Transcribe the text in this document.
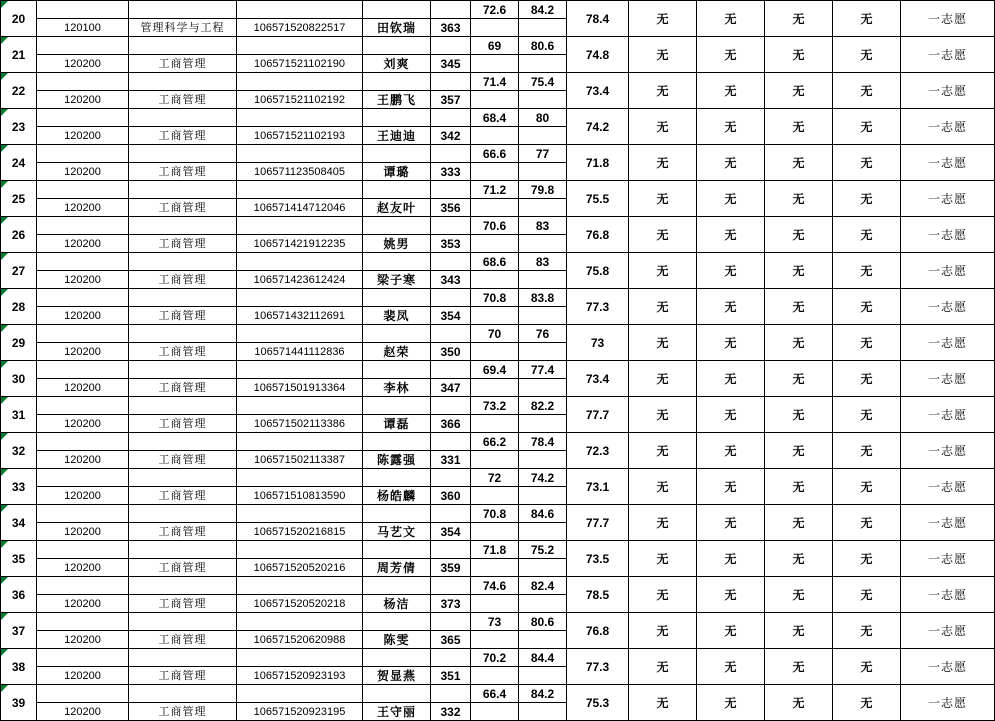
20						72.6	84.2	78.4	无	无	无	无	一志愿
	120100	管理科学与工程	106571520822517	田钦瑞	363								

21						69	80.6	74.8	无	无	无	无	一志愿
	120200	工商管理	106571521102190	刘爽	345								

22						71.4	75.4	73.4	无	无	无	无	一志愿
	120200	工商管理	106571521102192	王鹏飞	357								

23						68.4	80	74.2	无	无	无	无	一志愿
	120200	工商管理	106571521102193	王迪迪	342								

24						66.6	77	71.8	无	无	无	无	一志愿
	120200	工商管理	106571123508405	谭璐	333								

25						71.2	79.8	75.5	无	无	无	无	一志愿
	120200	工商管理	106571414712046	赵友叶	356								

26						70.6	83	76.8	无	无	无	无	一志愿
	120200	工商管理	106571421912235	姚男	353								

27						68.6	83	75.8	无	无	无	无	一志愿
	120200	工商管理	106571423612424	梁子寒	343								

28						70.8	83.8	77.3	无	无	无	无	一志愿
	120200	工商管理	106571432112691	裴凤	354								

29						70	76	73	无	无	无	无	一志愿
	120200	工商管理	106571441112836	赵荣	350								

30						69.4	77.4	73.4	无	无	无	无	一志愿
	120200	工商管理	106571501913364	李林	347								

31						73.2	82.2	77.7	无	无	无	无	一志愿
	120200	工商管理	106571502113386	谭磊	366								

32						66.2	78.4	72.3	无	无	无	无	一志愿
	120200	工商管理	106571502113387	陈露强	331								

33						72	74.2	73.1	无	无	无	无	一志愿
	120200	工商管理	106571510813590	杨皓麟	360								

34						70.8	84.6	77.7	无	无	无	无	一志愿
	120200	工商管理	106571520216815	马艺文	354								

35						71.8	75.2	73.5	无	无	无	无	一志愿
	120200	工商管理	106571520520216	周芳倩	359								

36						74.6	82.4	78.5	无	无	无	无	一志愿
	120200	工商管理	106571520520218	杨洁	373								

37						73	80.6	76.8	无	无	无	无	一志愿
	120200	工商管理	106571520620988	陈雯	365								

38						70.2	84.4	77.3	无	无	无	无	一志愿
	120200	工商管理	106571520923193	贺显燕	351								

39						66.4	84.2	75.3	无	无	无	无	一志愿
	120200	工商管理	106571520923195	王守丽	332								
